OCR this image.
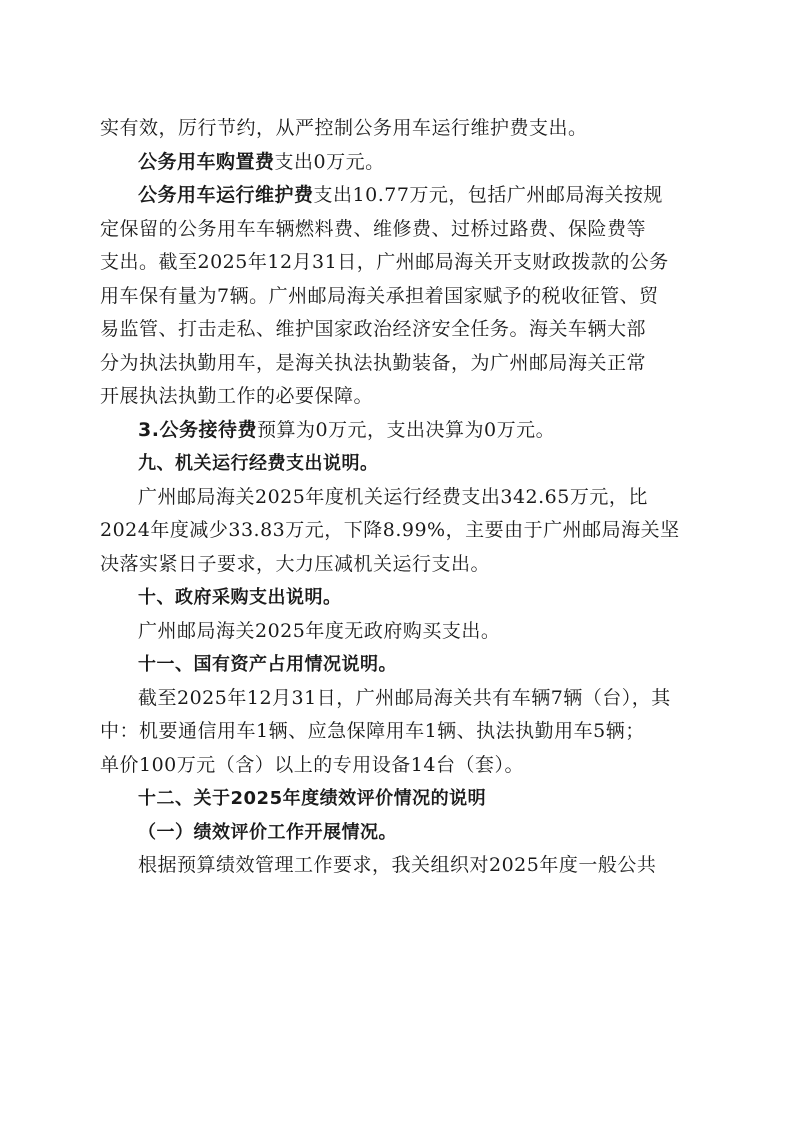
实有效，厉行节约，从严控制公务用车运行维护费支出。
公务用车购置费支出0万元。
公务用车运行维护费支出10.77万元，包括广州邮局海关按规
定保留的公务用车车辆燃料费、维修费、过桥过路费、保险费等
支出。截至2025年12月31日，广州邮局海关开支财政拨款的公务
用车保有量为7辆。广州邮局海关承担着国家赋予的税收征管、贸
易监管、打击走私、维护国家政治经济安全任务。海关车辆大部
分为执法执勤用车，是海关执法执勤装备，为广州邮局海关正常
开展执法执勤工作的必要保障。
3.公务接待费预算为0万元，支出决算为0万元。
九、机关运行经费支出说明。
广州邮局海关2025年度机关运行经费支出342.65万元，比
2024年度减少33.83万元，下降8.99%，主要由于广州邮局海关坚
决落实紧日子要求，大力压减机关运行支出。
十、政府采购支出说明。
广州邮局海关2025年度无政府购买支出。
十一、国有资产占用情况说明。
截至2025年12月31日，广州邮局海关共有车辆7辆（台），其
中：机要通信用车1辆、应急保障用车1辆、执法执勤用车5辆；
单价100万元（含）以上的专用设备14台（套）。
十二、关于2025年度绩效评价情况的说明
（一）绩效评价工作开展情况。
根据预算绩效管理工作要求，我关组织对2025年度一般公共
